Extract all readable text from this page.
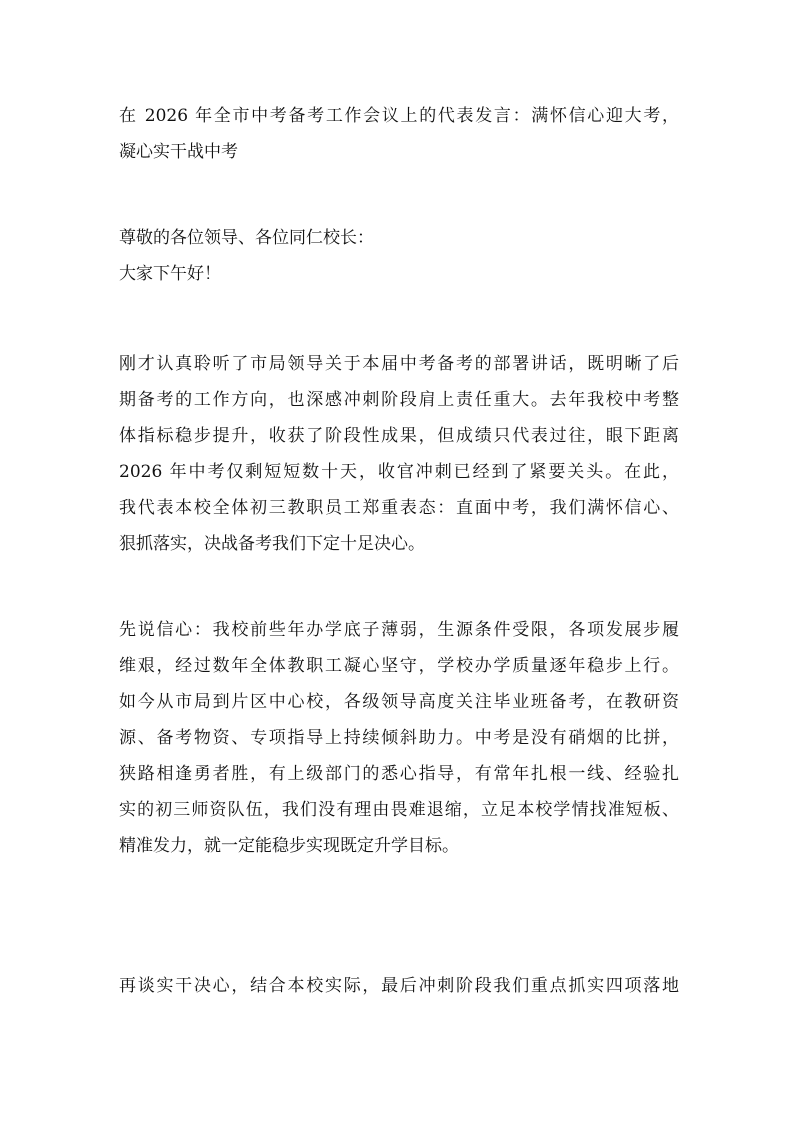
在 2026 年全市中考备考工作会议上的代表发言：满怀信心迎大考，
凝心实干战中考
尊敬的各位领导、各位同仁校长：
大家下午好！
刚才认真聆听了市局领导关于本届中考备考的部署讲话，既明晰了后
期备考的工作方向，也深感冲刺阶段肩上责任重大。去年我校中考整
体指标稳步提升，收获了阶段性成果，但成绩只代表过往，眼下距离
2026 年中考仅剩短短数十天，收官冲刺已经到了紧要关头。在此，
我代表本校全体初三教职员工郑重表态：直面中考，我们满怀信心、
狠抓落实，决战备考我们下定十足决心。
先说信心：我校前些年办学底子薄弱，生源条件受限，各项发展步履
维艰，经过数年全体教职工凝心坚守，学校办学质量逐年稳步上行。
如今从市局到片区中心校，各级领导高度关注毕业班备考，在教研资
源、备考物资、专项指导上持续倾斜助力。中考是没有硝烟的比拼，
狭路相逢勇者胜，有上级部门的悉心指导，有常年扎根一线、经验扎
实的初三师资队伍，我们没有理由畏难退缩，立足本校学情找准短板、
精准发力，就一定能稳步实现既定升学目标。
再谈实干决心，结合本校实际，最后冲刺阶段我们重点抓实四项落地
